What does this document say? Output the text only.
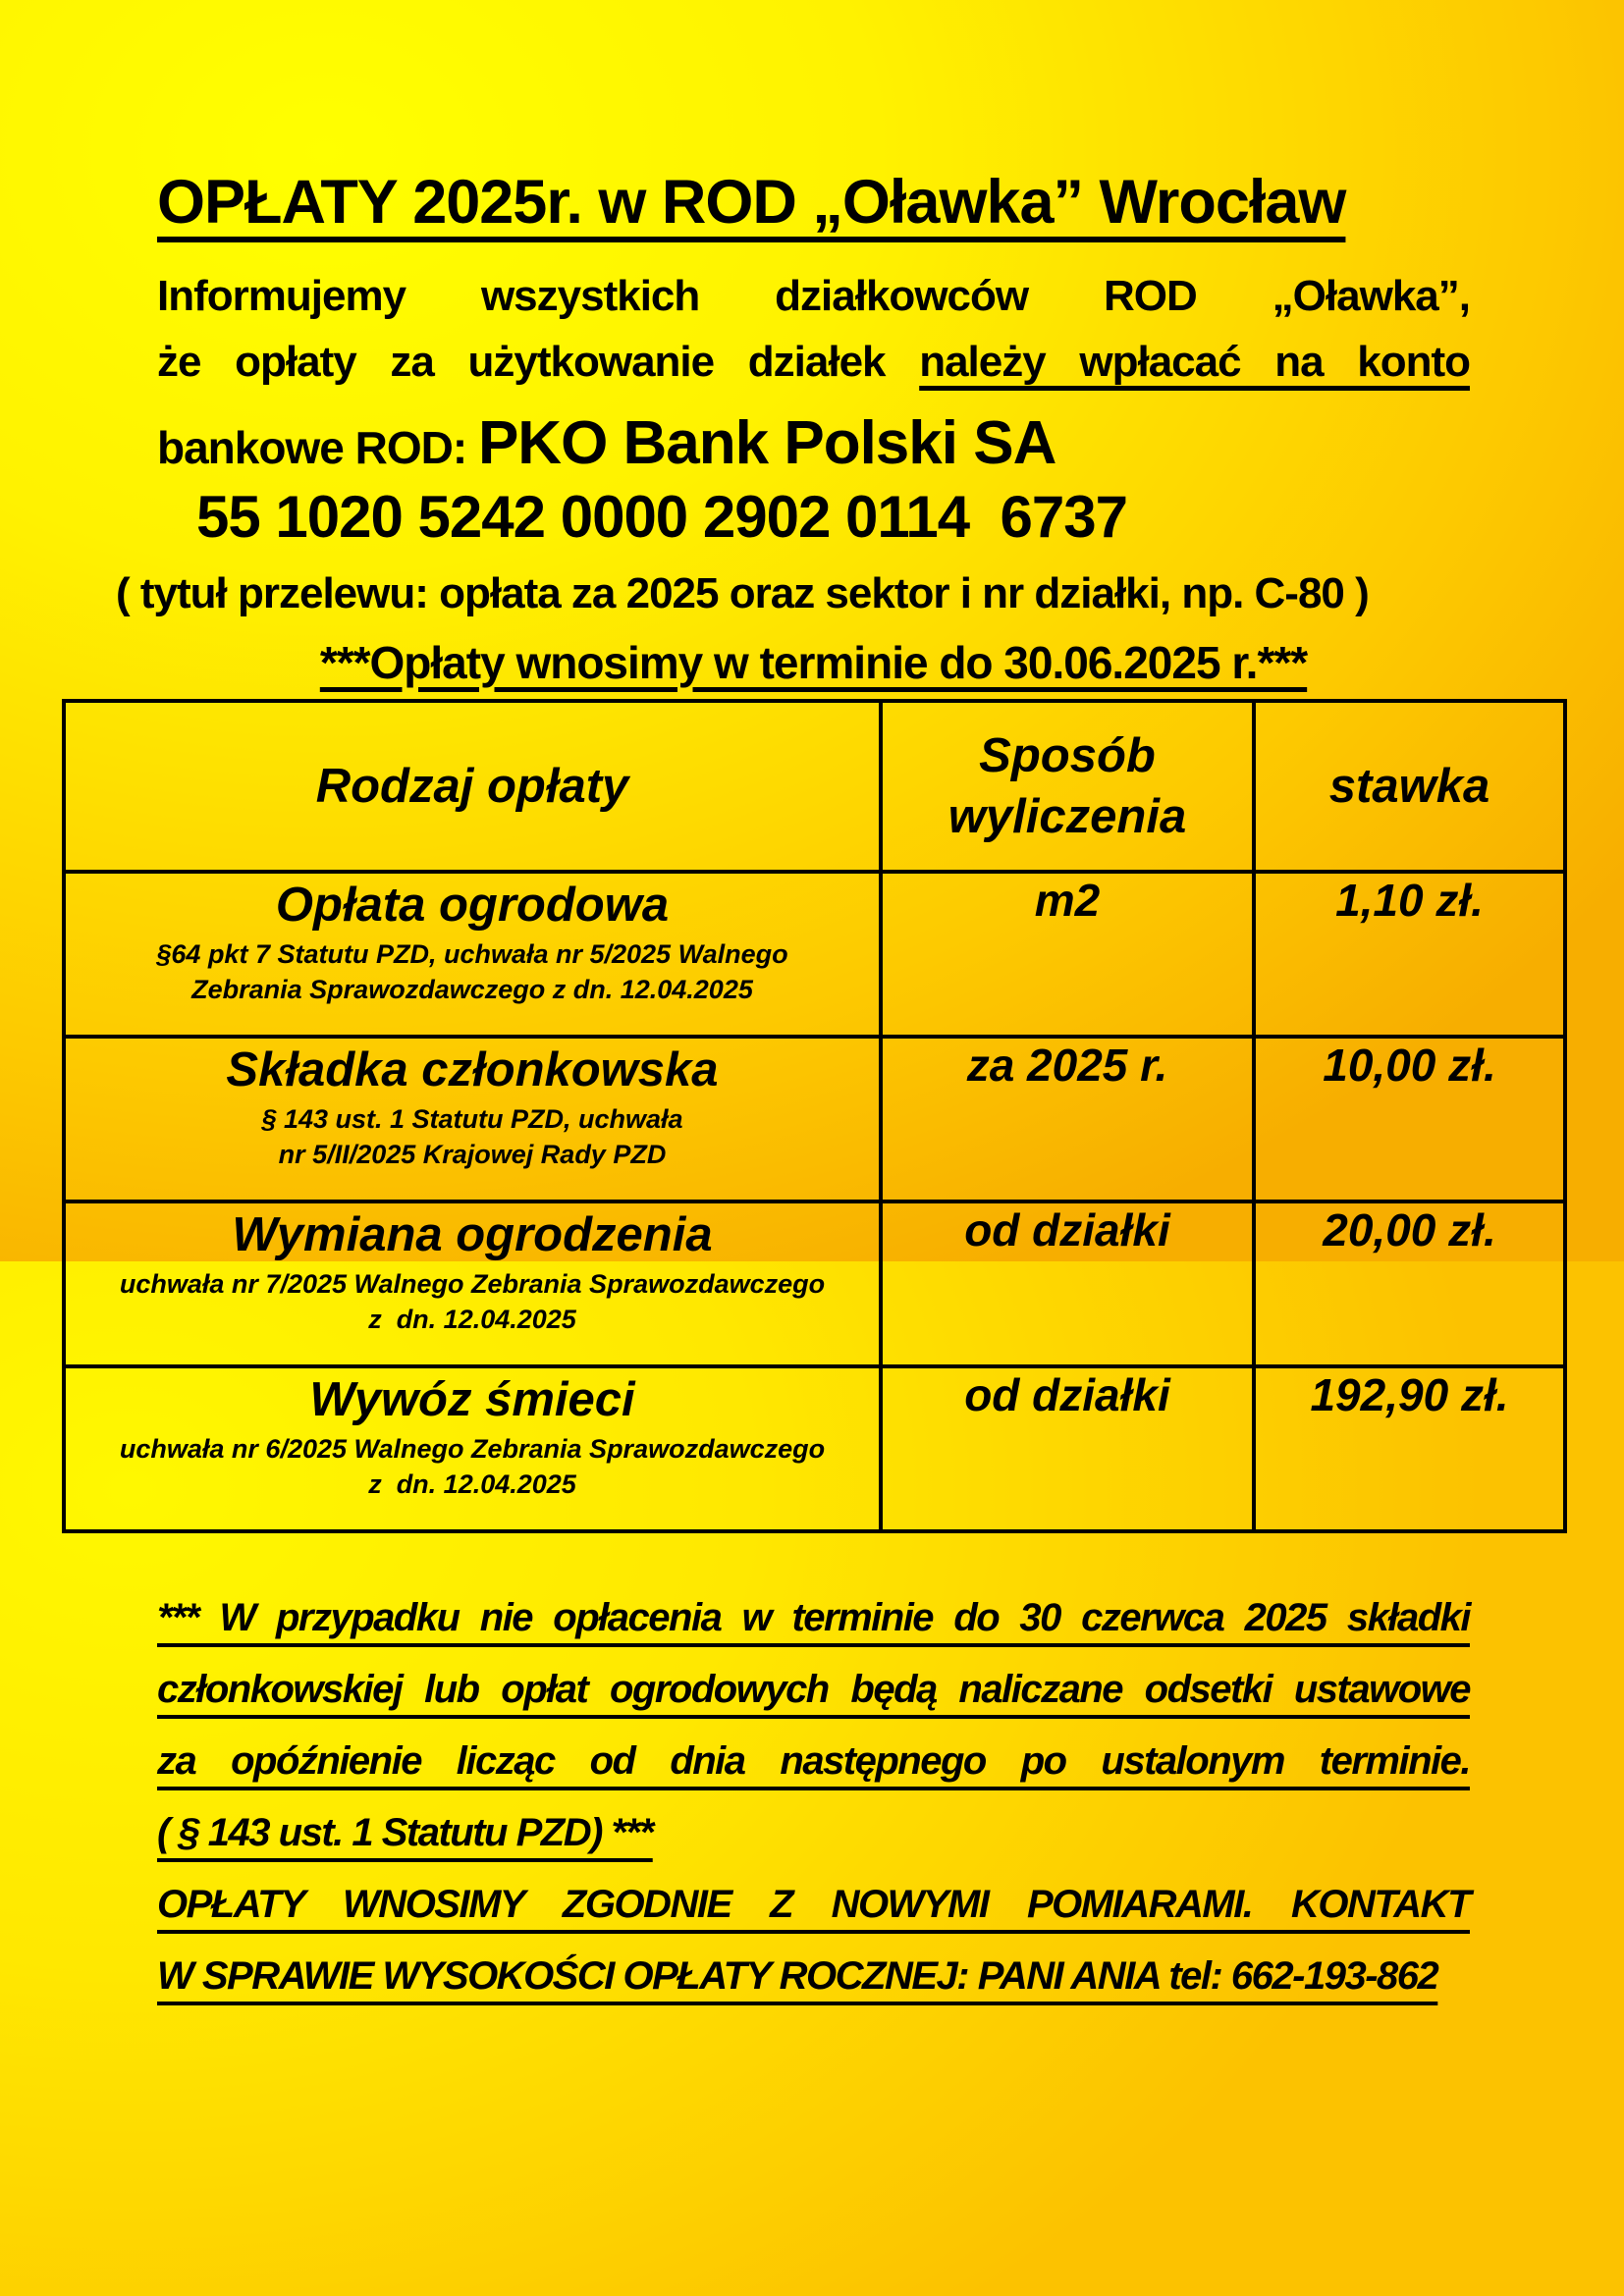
OPŁATY 2025r. w ROD „Oławka” Wrocław
Informujemy wszystkich działkowców ROD „Oławka”,
że opłaty za użytkowanie działek należy wpłacać na konto
bankowe ROD: PKO Bank Polski SA
55 1020 5242 0000 2902 0114  6737
( tytuł przelewu: opłata za 2025 oraz sektor i nr działki, np. C-80 )
***Opłaty wnosimy w terminie do 30.06.2025 r.***
Rodzaj opłaty	Sposób wyliczenia	stawka

Opłata ogrodowa
§64 pkt 7 Statutu PZD, uchwała nr 5/2025 Walnego
Zebrania Sprawozdawczego z dn. 12.04.2025	m2	1,10 zł.

Składka członkowska
§ 143 ust. 1 Statutu PZD, uchwała
nr 5/II/2025 Krajowej Rady PZD	za 2025 r.	10,00 zł.

Wymiana ogrodzenia
uchwała nr 7/2025 Walnego Zebrania Sprawozdawczego
z  dn. 12.04.2025	od działki	20,00 zł.

Wywóz śmieci
uchwała nr 6/2025 Walnego Zebrania Sprawozdawczego
z  dn. 12.04.2025	od działki	192,90 zł.
*** W przypadku nie opłacenia w terminie do 30 czerwca 2025 składki
członkowskiej lub opłat ogrodowych będą naliczane odsetki ustawowe
za opóźnienie licząc od dnia następnego po ustalonym terminie.
( § 143 ust. 1 Statutu PZD) ***
OPŁATY WNOSIMY ZGODNIE Z NOWYMI POMIARAMI. KONTAKT
W SPRAWIE WYSOKOŚCI OPŁATY ROCZNEJ: PANI ANIA tel: 662-193-862
